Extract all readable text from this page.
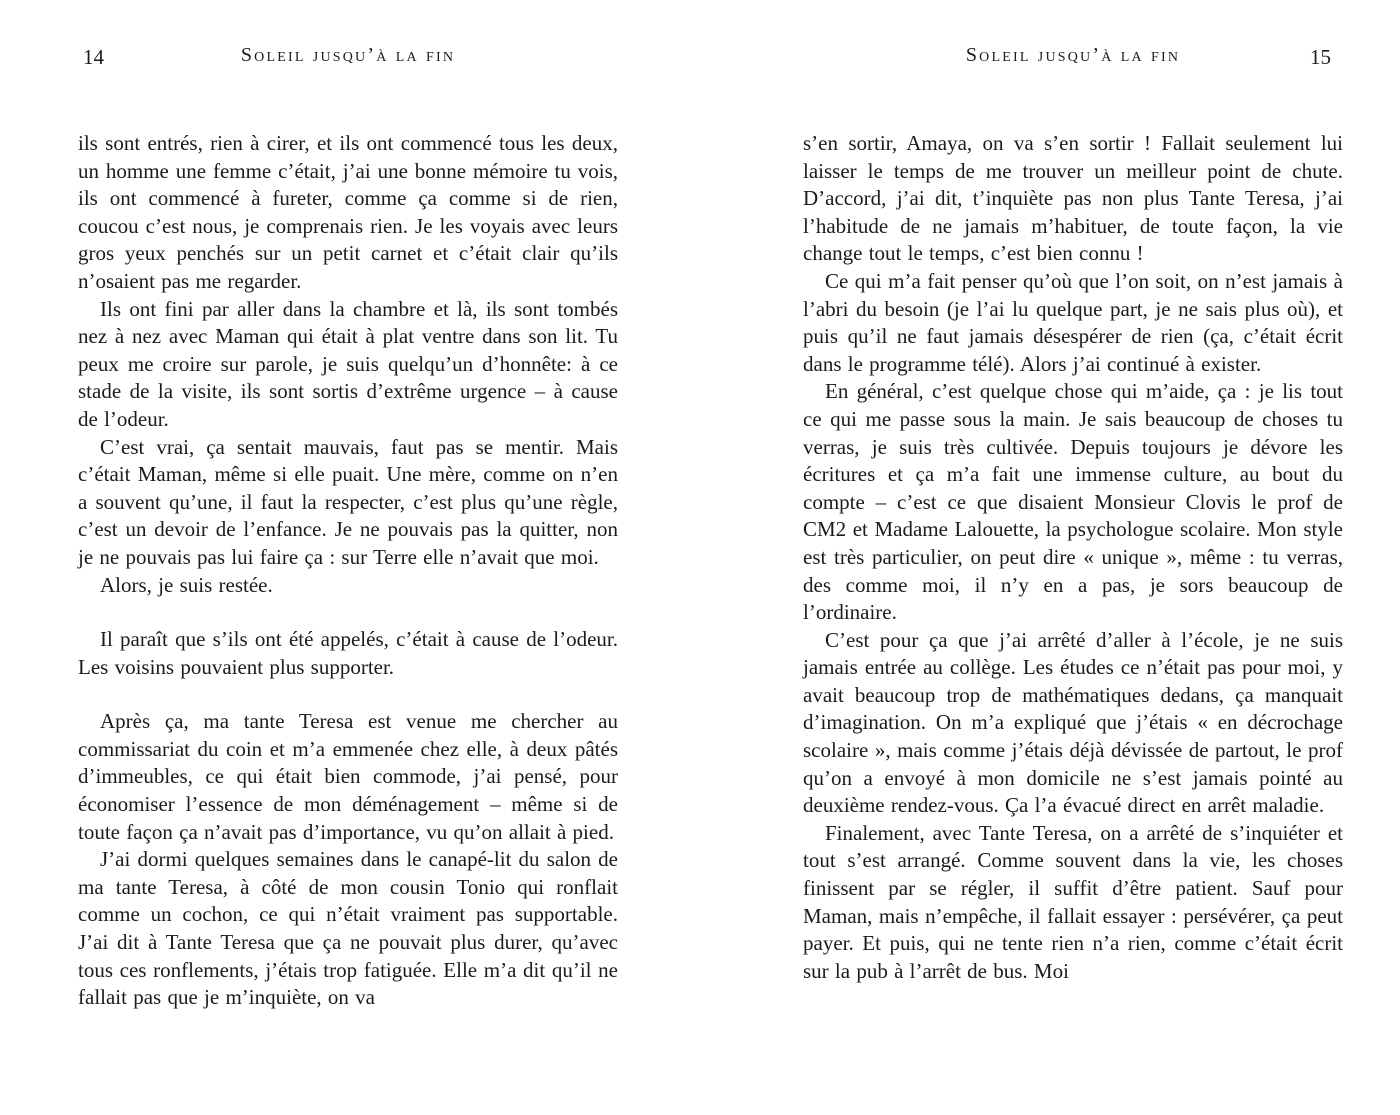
14	Soleil jusqu’à la fin

ils sont entrés, rien à cirer, et ils ont commencé tous les deux, un homme une femme c’était, j’ai une bonne mémoire tu vois, ils ont commencé à fureter, comme ça comme si de rien, coucou c’est nous, je comprenais rien. Je les voyais avec leurs gros yeux penchés sur un petit carnet et c’était clair qu’ils n’osaient pas me regarder.

Ils ont fini par aller dans la chambre et là, ils sont tombés nez à nez avec Maman qui était à plat ventre dans son lit. Tu peux me croire sur parole, je suis quelqu’un d’honnête: à ce stade de la visite, ils sont sortis d’extrême urgence – à cause de l’odeur.

C’est vrai, ça sentait mauvais, faut pas se mentir. Mais c’était Maman, même si elle puait. Une mère, comme on n’en a souvent qu’une, il faut la respecter, c’est plus qu’une règle, c’est un devoir de l’enfance. Je ne pouvais pas la quitter, non je ne pouvais pas lui faire ça : sur Terre elle n’avait que moi.

Alors, je suis restée.

Il paraît que s’ils ont été appelés, c’était à cause de l’odeur. Les voisins pouvaient plus supporter.

Après ça, ma tante Teresa est venue me chercher au commissariat du coin et m’a emmenée chez elle, à deux pâtés d’immeubles, ce qui était bien commode, j’ai pensé, pour économiser l’essence de mon déménagement – même si de toute façon ça n’avait pas d’importance, vu qu’on allait à pied.

J’ai dormi quelques semaines dans le canapé-lit du salon de ma tante Teresa, à côté de mon cousin Tonio qui ronflait comme un cochon, ce qui n’était vraiment pas supportable. J’ai dit à Tante Teresa que ça ne pouvait plus durer, qu’avec tous ces ronflements, j’étais trop fatiguée. Elle m’a dit qu’il ne fallait pas que je m’inquiète, on va

Soleil jusqu’à la fin	15

s’en sortir, Amaya, on va s’en sortir ! Fallait seulement lui laisser le temps de me trouver un meilleur point de chute. D’accord, j’ai dit, t’inquiète pas non plus Tante Teresa, j’ai l’habitude de ne jamais m’habituer, de toute façon, la vie change tout le temps, c’est bien connu !

Ce qui m’a fait penser qu’où que l’on soit, on n’est jamais à l’abri du besoin (je l’ai lu quelque part, je ne sais plus où), et puis qu’il ne faut jamais désespérer de rien (ça, c’était écrit dans le programme télé). Alors j’ai continué à exister.

En général, c’est quelque chose qui m’aide, ça : je lis tout ce qui me passe sous la main. Je sais beaucoup de choses tu verras, je suis très cultivée. Depuis toujours je dévore les écritures et ça m’a fait une immense culture, au bout du compte – c’est ce que disaient Monsieur Clovis le prof de CM2 et Madame Lalouette, la psychologue scolaire. Mon style est très particulier, on peut dire « unique », même : tu verras, des comme moi, il n’y en a pas, je sors beaucoup de l’ordinaire.

C’est pour ça que j’ai arrêté d’aller à l’école, je ne suis jamais entrée au collège. Les études ce n’était pas pour moi, y avait beaucoup trop de mathématiques dedans, ça manquait d’imagination. On m’a expliqué que j’étais « en décrochage scolaire », mais comme j’étais déjà dévissée de partout, le prof qu’on a envoyé à mon domicile ne s’est jamais pointé au deuxième rendez-vous. Ça l’a évacué direct en arrêt maladie.

Finalement, avec Tante Teresa, on a arrêté de s’inquiéter et tout s’est arrangé. Comme souvent dans la vie, les choses finissent par se régler, il suffit d’être patient. Sauf pour Maman, mais n’empêche, il fallait essayer : persévérer, ça peut payer. Et puis, qui ne tente rien n’a rien, comme c’était écrit sur la pub à l’arrêt de bus. Moi
